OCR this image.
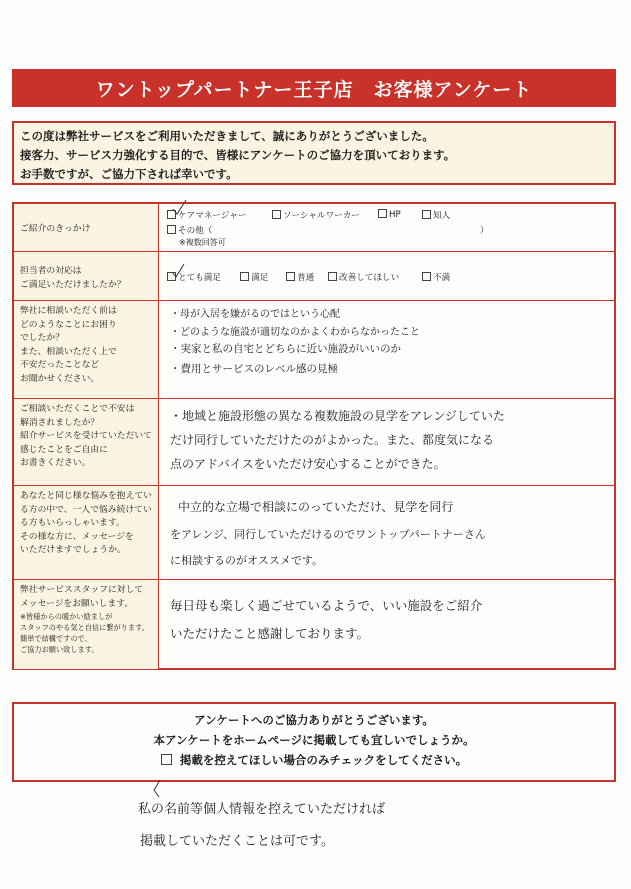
ワントップパートナー王子店　お客様アンケート
この度は弊社サービスをご利用いただきまして、誠にありがとうございました。
接客力、サービス力強化する目的で、皆様にアンケートのご協力を頂いております。
お手数ですが、ご協力下されば幸いです。
ご紹介のきっかけ
ケアマネージャー	ソーシャルワーカー	HP	知人
その他（	）
※複数回答可
担当者の対応は
ご満足いただけましたか？
とても満足	満足	普通	改善してほしい	不満
弊社に相談いただく前は
どのようなことにお困り
でしたか？
また、相談いただく上で
不安だったことなど
お聞かせください。
・母が入居を嫌がるのではという心配
・どのような施設が適切なのかよくわからなかったこと
・実家と私の自宅とどちらに近い施設がいいのか
・費用とサービスのレベル感の見極
ご相談いただくことで不安は
解消されましたか？
紹介サービスを受けていただいて
感じたことをご自由に
お書きください。
・地域と施設形態の異なる複数施設の見学をアレンジしていた
だけ同行していただけたのがよかった。また、都度気になる
点のアドバイスをいただけ安心することができた。
あなたと同じ様な悩みを抱えてい
る方の中で、一人で悩み続けてい
る方もいらっしゃいます。
その様な方に、メッセージを
いただけますでしょうか。
中立的な立場で相談にのっていただけ、見学を同行
をアレンジ、同行していただけるのでワントップパートナーさん
に相談するのがオススメです。
弊社サービススタッフに対して
メッセージをお願いします。
※皆様からの暖かい励ましが
スタッフのやる気と自信に繋がります。
簡単で結構ですので、
ご協力お願い致します。
毎日母も楽しく過ごせているようで、いい施設をご紹介
いただけたこと感謝しております。
アンケートへのご協力ありがとうございます。
本アンケートをホームページに掲載しても宜しいでしょうか。
掲載を控えてほしい場合のみチェックをしてください。
私の名前等個人情報を控えていただければ
掲載していただくことは可です。
